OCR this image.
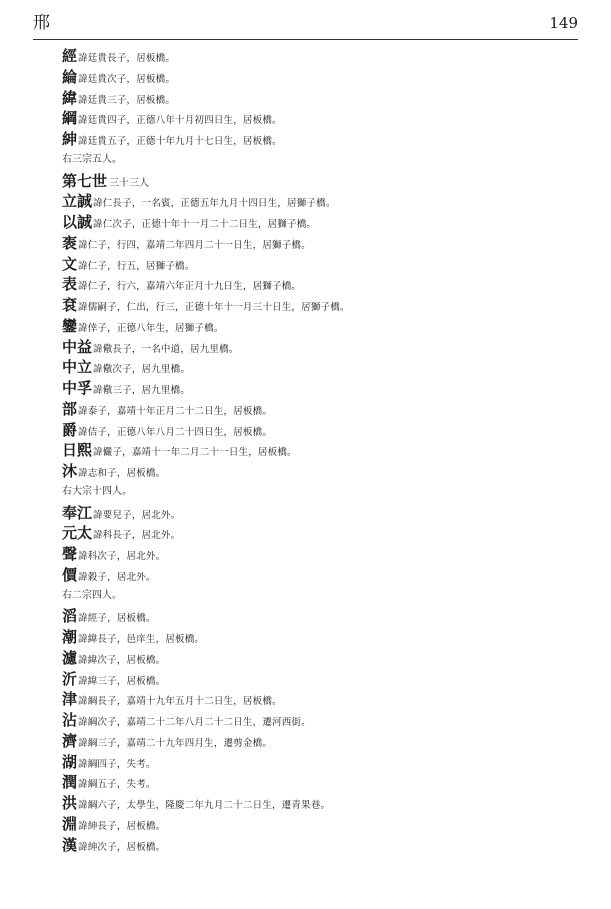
邢	149
經 諱廷貴長子，居板橋。
綸 諱廷貴次子，居板橋。
緯 諱廷貴三子，居板橋。
綱 諱廷貴四子，正德八年十月初四日生，居板橋。
紳 諱廷貴五子，正德十年九月十七日生，居板橋。
右三宗五人。
第七世 三十三人
立誠 諱仁長子，一名賓，正德五年九月十四日生，居獅子橋。
以誠 諱仁次子，正德十年十一月二十二日生，居獅子橋。
袠 諱仁子，行四，嘉靖二年四月二十一日生，居獅子橋。
文 諱仁子，行五，居獅子橋。
表 諱仁子，行六，嘉靖六年正月十九日生，居獅子橋。
袞 諱儒嗣子，仁出，行三，正德十年十一月三十日生，居獅子橋。
鑾 諱倖子，正德八年生，居獅子橋。
中益 諱儆長子，一名中道，居九里橋。
中立 諱儆次子，居九里橋。
中孚 諱儆三子，居九里橋。
部 諱泰子，嘉靖十年正月二十二日生，居板橋。
爵 諱佶子，正德八年八月二十四日生，居板橋。
日熙 諱儼子，嘉靖十一年二月二十一日生，居板橋。
沐 諱志和子，居板橋。
右大宗十四人。
奉江 諱要兒子，居北外。
元太 諱科長子，居北外。
聲 諱科次子，居北外。
價 諱穀子，居北外。
右二宗四人。
滔 諱經子，居板橋。
潮 諱緯長子，邑庠生，居板橋。
濾 諱緯次子，居板橋。
沂 諱緯三子，居板橋。
津 諱綱長子，嘉靖十九年五月十二日生，居板橋。
沾 諱綱次子，嘉靖二十二年八月二十二日生，遷河西街。
濟 諱綱三子，嘉靖二十九年四月生，遷剪金橋。
湖 諱綱四子，失考。
潤 諱綱五子，失考。
洪 諱綱六子，太學生，隆慶二年九月二十二日生，遷青果巷。
淵 諱紳長子，居板橋。
漢 諱紳次子，居板橋。
